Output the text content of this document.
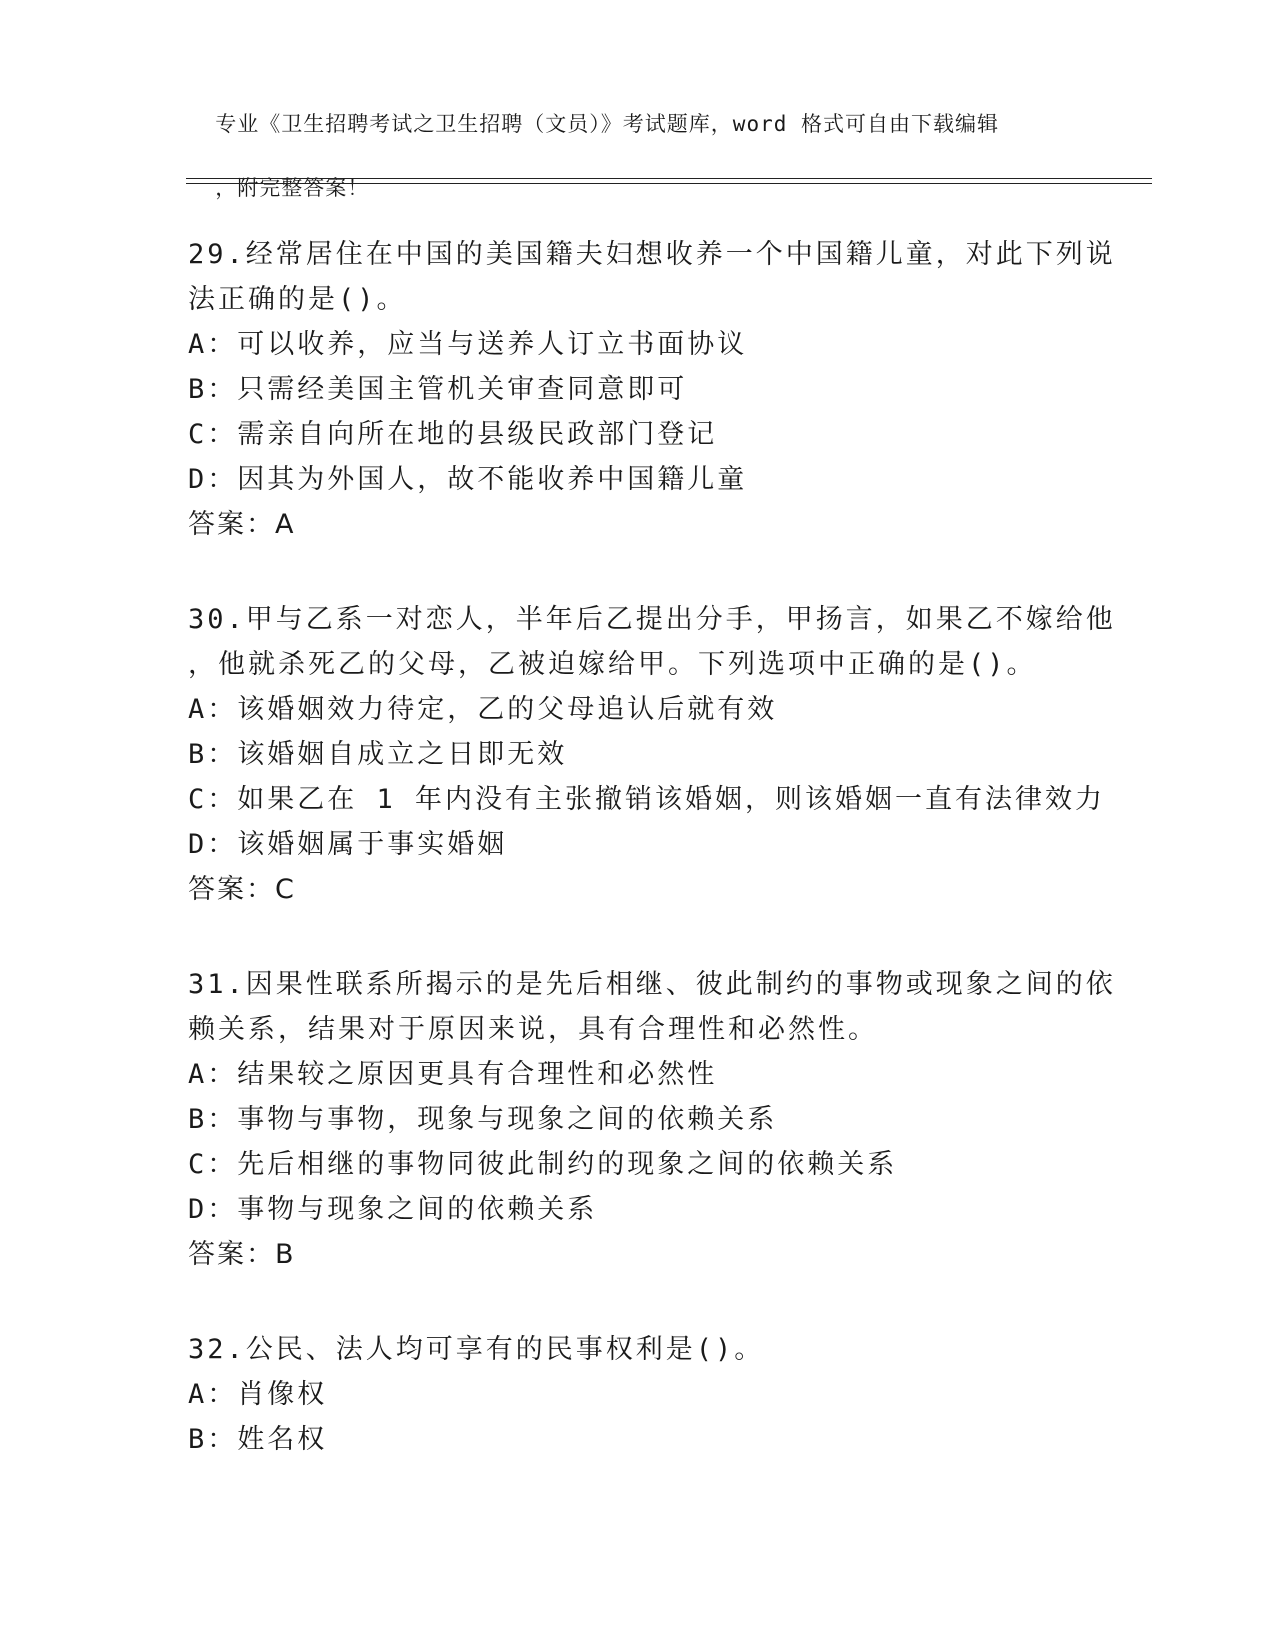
专业《卫生招聘考试之卫生招聘（文员）》考试题库，word 格式可自由下载编辑

，附完整答案！

29.经常居住在中国的美国籍夫妇想收养一个中国籍儿童，对此下列说
法正确的是()。
A：可以收养，应当与送养人订立书面协议
B：只需经美国主管机关审查同意即可
C：需亲自向所在地的县级民政部门登记
D：因其为外国人，故不能收养中国籍儿童
答案：A
30.甲与乙系一对恋人，半年后乙提出分手，甲扬言，如果乙不嫁给他
，他就杀死乙的父母，乙被迫嫁给甲。下列选项中正确的是()。
A：该婚姻效力待定，乙的父母追认后就有效
B：该婚姻自成立之日即无效
C：如果乙在 1 年内没有主张撤销该婚姻，则该婚姻一直有法律效力
D：该婚姻属于事实婚姻
答案：C
31.因果性联系所揭示的是先后相继、彼此制约的事物或现象之间的依
赖关系，结果对于原因来说，具有合理性和必然性。
A：结果较之原因更具有合理性和必然性
B：事物与事物，现象与现象之间的依赖关系
C：先后相继的事物同彼此制约的现象之间的依赖关系
D：事物与现象之间的依赖关系
答案：B
32.公民、法人均可享有的民事权利是()。
A：肖像权
B：姓名权
